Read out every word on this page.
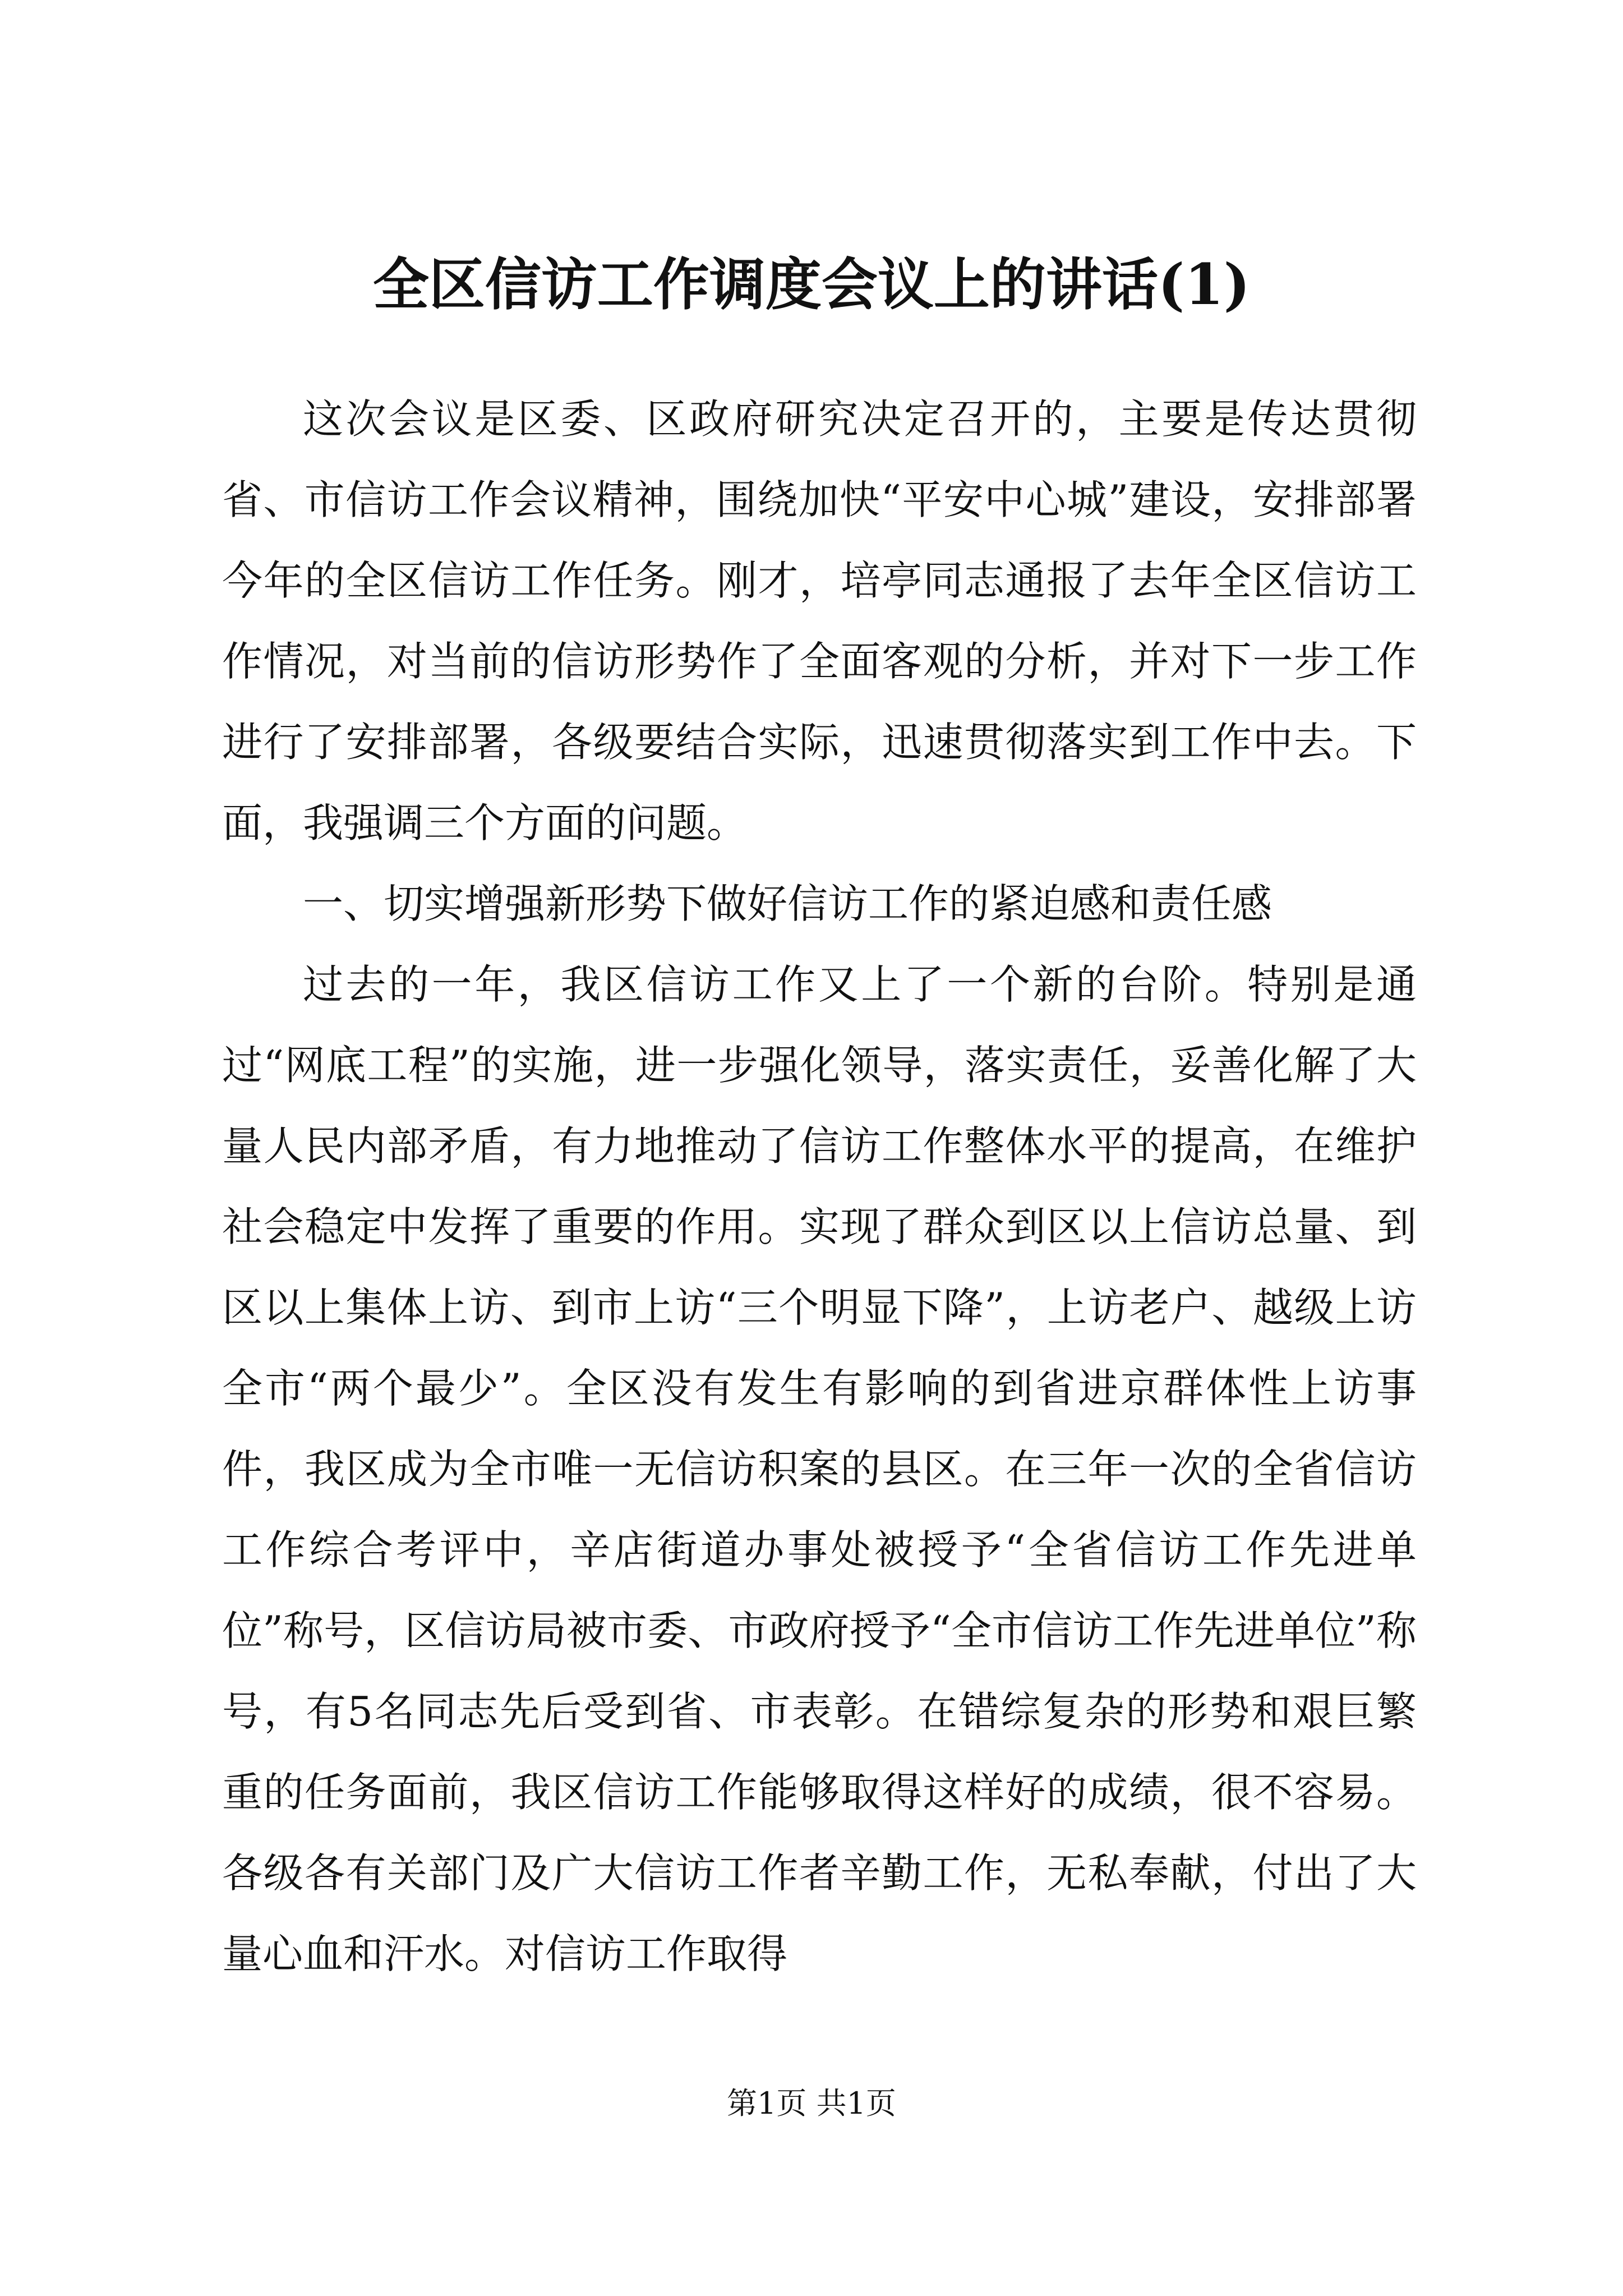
全区信访工作调度会议上的讲话(1)

这次会议是区委、区政府研究决定召开的，主要是传达贯彻省、市信访工作会议精神，围绕加快“平安中心城”建设，安排部署今年的全区信访工作任务。刚才，培亭同志通报了去年全区信访工作情况，对当前的信访形势作了全面客观的分析，并对下一步工作进行了安排部署，各级要结合实际，迅速贯彻落实到工作中去。下面，我强调三个方面的问题。

一、切实增强新形势下做好信访工作的紧迫感和责任感

过去的一年，我区信访工作又上了一个新的台阶。特别是通过“网底工程”的实施，进一步强化领导，落实责任，妥善化解了大量人民内部矛盾，有力地推动了信访工作整体水平的提高，在维护社会稳定中发挥了重要的作用。实现了群众到区以上信访总量、到区以上集体上访、到市上访“三个明显下降”，上访老户、越级上访全市“两个最少”。全区没有发生有影响的到省进京群体性上访事件，我区成为全市唯一无信访积案的县区。在三年一次的全省信访工作综合考评中，辛店街道办事处被授予“全省信访工作先进单位”称号，区信访局被市委、市政府授予“全市信访工作先进单位”称号，有5名同志先后受到省、市表彰。在错综复杂的形势和艰巨繁重的任务面前，我区信访工作能够取得这样好的成绩，很不容易。各级各有关部门及广大信访工作者辛勤工作，无私奉献，付出了大量心血和汗水。对信访工作取得

第1页 共1页
